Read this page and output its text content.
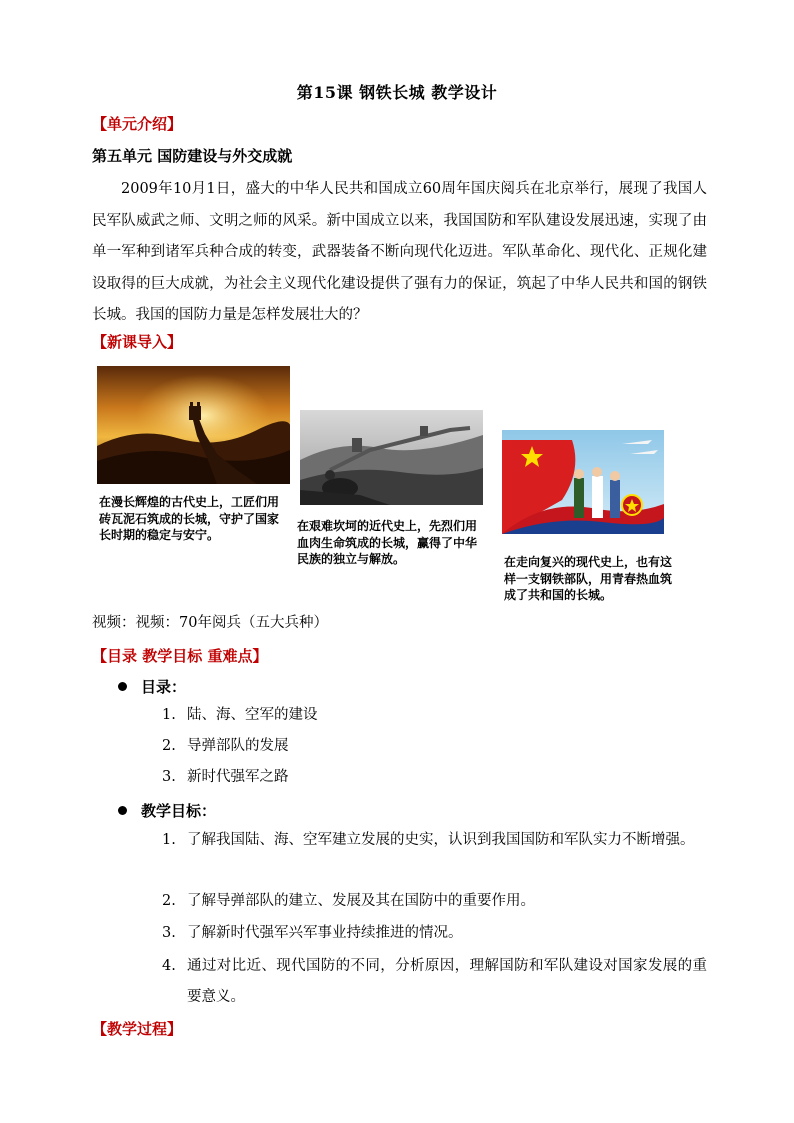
第15课 钢铁长城 教学设计
【单元介绍】
第五单元 国防建设与外交成就
2009年10月1日，盛大的中华人民共和国成立60周年国庆阅兵在北京举行，展现了我国人民军队威武之师、文明之师的风采。新中国成立以来，我国国防和军队建设发展迅速，实现了由单一军种到诸军兵种合成的转变，武器装备不断向现代化迈进。军队革命化、现代化、正规化建设取得的巨大成就，为社会主义现代化建设提供了强有力的保证，筑起了中华人民共和国的钢铁长城。我国的国防力量是怎样发展壮大的？
【新课导入】
在漫长辉煌的古代史上，工匠们用砖瓦泥石筑成的长城，守护了国家长时期的稳定与安宁。
在艰难坎坷的近代史上，先烈们用血肉生命筑成的长城，赢得了中华民族的独立与解放。	在走向复兴的现代史上，也有这样一支钢铁部队，用青春热血筑成了共和国的长城。
视频：视频：70年阅兵（五大兵种）
【目录 教学目标 重难点】
目录：
1. 陆、海、空军的建设
2. 导弹部队的发展
3. 新时代强军之路
教学目标：
1. 了解我国陆、海、空军建立发展的史实，认识到我国国防和军队实力不断增强。
2. 了解导弹部队的建立、发展及其在国防中的重要作用。
3. 了解新时代强军兴军事业持续推进的情况。
4. 通过对比近、现代国防的不同，分析原因，理解国防和军队建设对国家发展的重要意义。
【教学过程】
